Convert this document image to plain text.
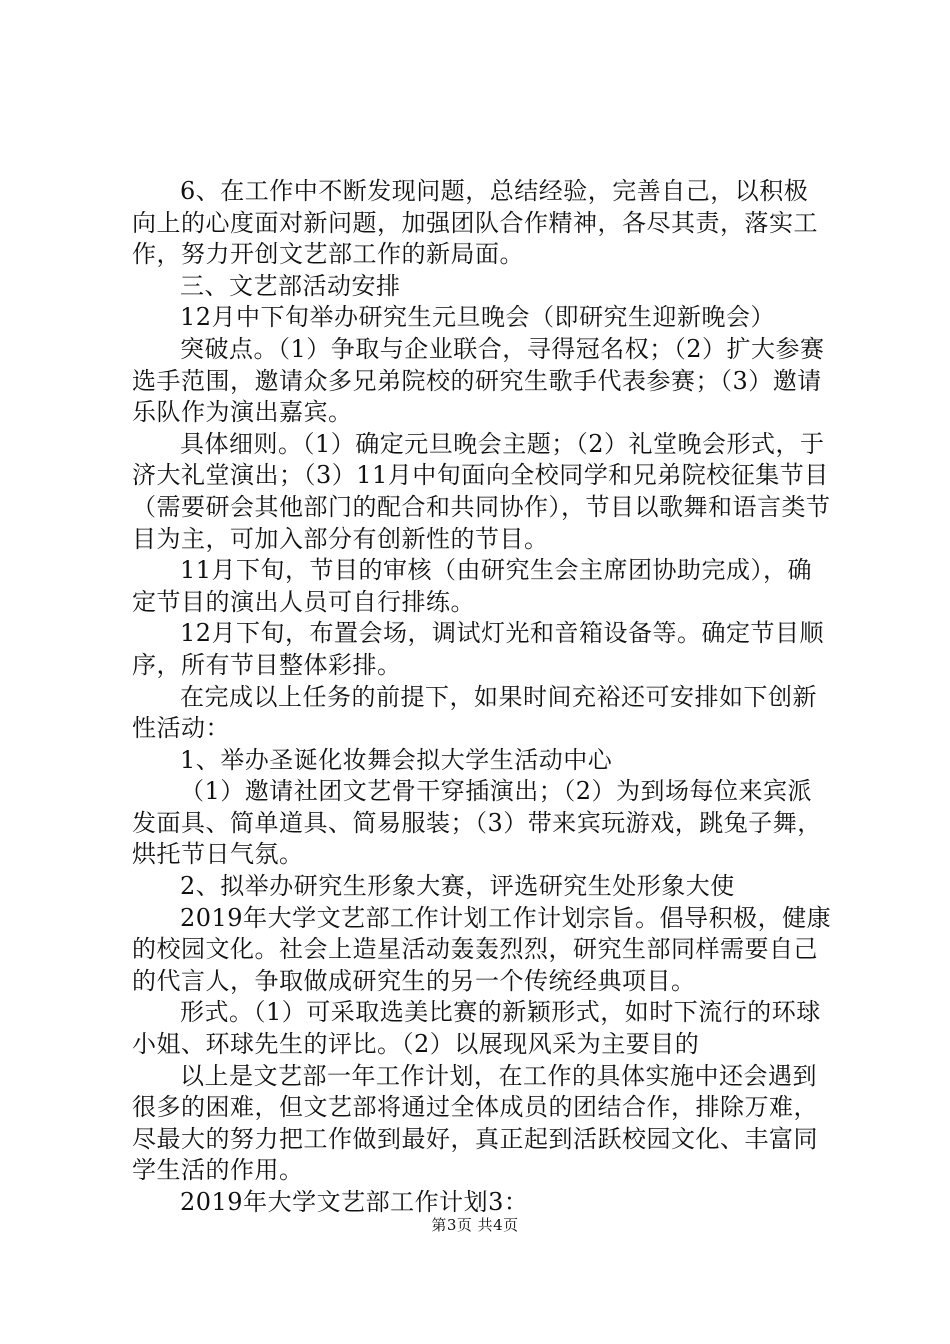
6、在工作中不断发现问题，总结经验，完善自己，以积极向上的心度面对新问题，加强团队合作精神，各尽其责，落实工作，努力开创文艺部工作的新局面。

三、文艺部活动安排

12月中下旬举办研究生元旦晚会（即研究生迎新晚会）

突破点。（1）争取与企业联合，寻得冠名权；（2）扩大参赛选手范围，邀请众多兄弟院校的研究生歌手代表参赛；（3）邀请乐队作为演出嘉宾。

具体细则。（1）确定元旦晚会主题；（2）礼堂晚会形式，于济大礼堂演出；（3）11月中旬面向全校同学和兄弟院校征集节目（需要研会其他部门的配合和共同协作），节目以歌舞和语言类节目为主，可加入部分有创新性的节目。

11月下旬，节目的审核（由研究生会主席团协助完成），确定节目的演出人员可自行排练。

12月下旬，布置会场，调试灯光和音箱设备等。确定节目顺序，所有节目整体彩排。

在完成以上任务的前提下，如果时间充裕还可安排如下创新性活动：

1、举办圣诞化妆舞会拟大学生活动中心

（1）邀请社团文艺骨干穿插演出；（2）为到场每位来宾派发面具、简单道具、简易服装；（3）带来宾玩游戏，跳兔子舞，烘托节日气氛。

2、拟举办研究生形象大赛，评选研究生处形象大使

2019年大学文艺部工作计划工作计划宗旨。倡导积极，健康的校园文化。社会上造星活动轰轰烈烈，研究生部同样需要自己的代言人，争取做成研究生的另一个传统经典项目。

形式。（1）可采取选美比赛的新颖形式，如时下流行的环球小姐、环球先生的评比。（2）以展现风采为主要目的

以上是文艺部一年工作计划，在工作的具体实施中还会遇到很多的困难，但文艺部将通过全体成员的团结合作，排除万难，尽最大的努力把工作做到最好，真正起到活跃校园文化、丰富同学生活的作用。

2019年大学文艺部工作计划3：

第3页 共4页
